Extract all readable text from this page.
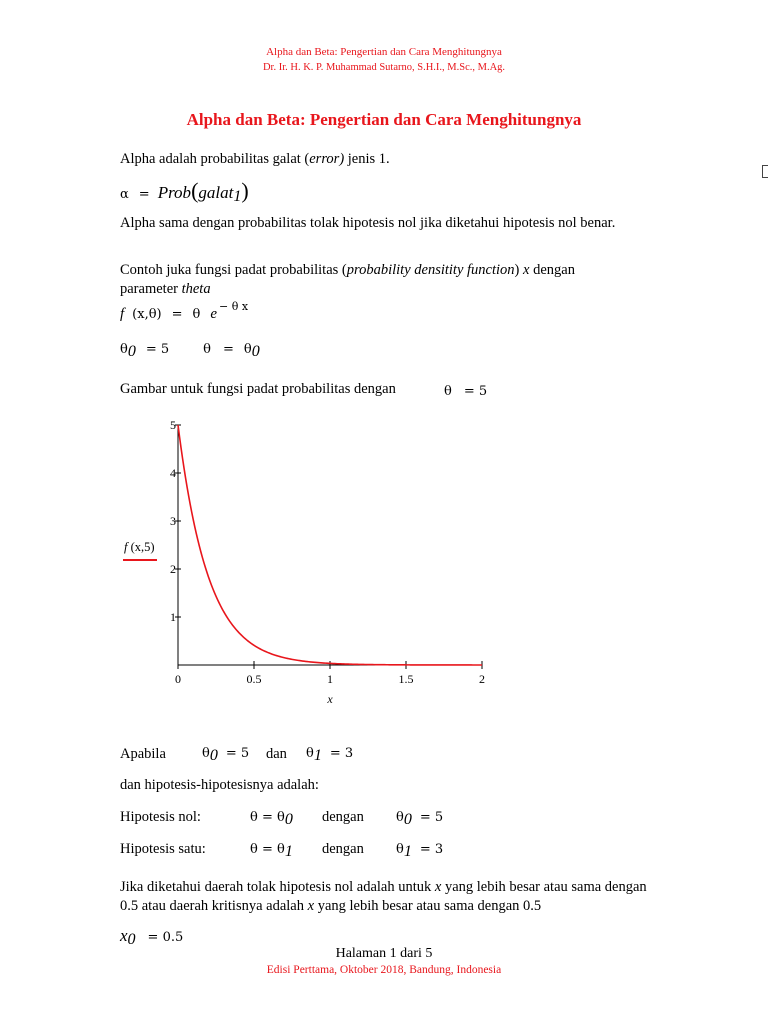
Alpha dan Beta: Pengertian dan Cara Menghitungnya
Dr. Ir. H. K. P. Muhammad Sutarno, S.H.I., M.Sc., M.Ag.
Alpha dan Beta: Pengertian dan Cara Menghitungnya
Alpha adalah probabilitas galat (error) jenis 1.
α = Prob(galat1)
Alpha sama dengan probabilitas tolak hipotesis nol jika diketahui hipotesis nol benar.
Contoh juka fungsi padat probabilitas (probability densitity function) x dengan
parameter theta
f (x,θ) = θ e $^{- \theta x}$
θ0 = 5	θ = θ0
Gambar untuk fungsi padat probabilitas dengan	θ = 5
0	0.5	1	1.5	2
1
2
3
4
5
x
f (x,5)
Apabila	θ0 = 5 dan θ1 = 3
dan hipotesis-hipotesisnya adalah:
Hipotesis nol:	θ = θ0 dengan θ0 = 5
Hipotesis satu:	θ = θ1 dengan θ1 = 3
Jika diketahui daerah tolak hipotesis nol adalah untuk x yang lebih besar atau sama dengan
0.5 atau daerah kritisnya adalah x yang lebih besar atau sama dengan 0.5
x0 = 0.5
Halaman 1 dari 5
Edisi Perttama, Oktober 2018, Bandung, Indonesia
